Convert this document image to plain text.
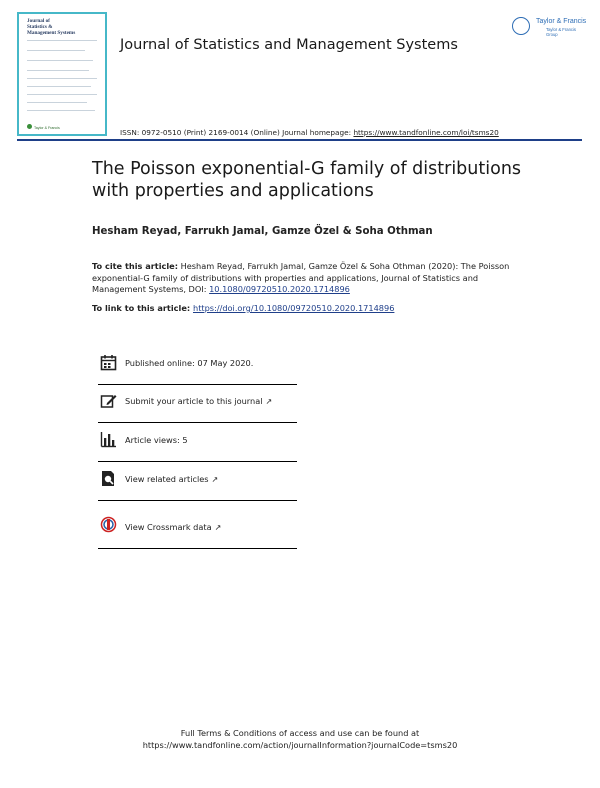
Journal of
Statistics &
Management Systems
Taylor & Francis
Journal of Statistics and Management Systems
Taylor & Francis
Taylor & Francis Group
ISSN: 0972-0510 (Print) 2169-0014 (Online) Journal homepage: https://www.tandfonline.com/loi/tsms20
The Poisson exponential-G family of distributions with properties and applications
Hesham Reyad, Farrukh Jamal, Gamze Özel & Soha Othman
To cite this article: Hesham Reyad, Farrukh Jamal, Gamze Özel & Soha Othman (2020): The Poisson exponential-G family of distributions with properties and applications, Journal of Statistics and Management Systems, DOI: 10.1080/09720510.2020.1714896
To link to this article: https://doi.org/10.1080/09720510.2020.1714896
Published online: 07 May 2020.
Submit your article to this journal ↗
Article views: 5
View related articles ↗
View Crossmark data ↗
Full Terms & Conditions of access and use can be found at
https://www.tandfonline.com/action/journalInformation?journalCode=tsms20
